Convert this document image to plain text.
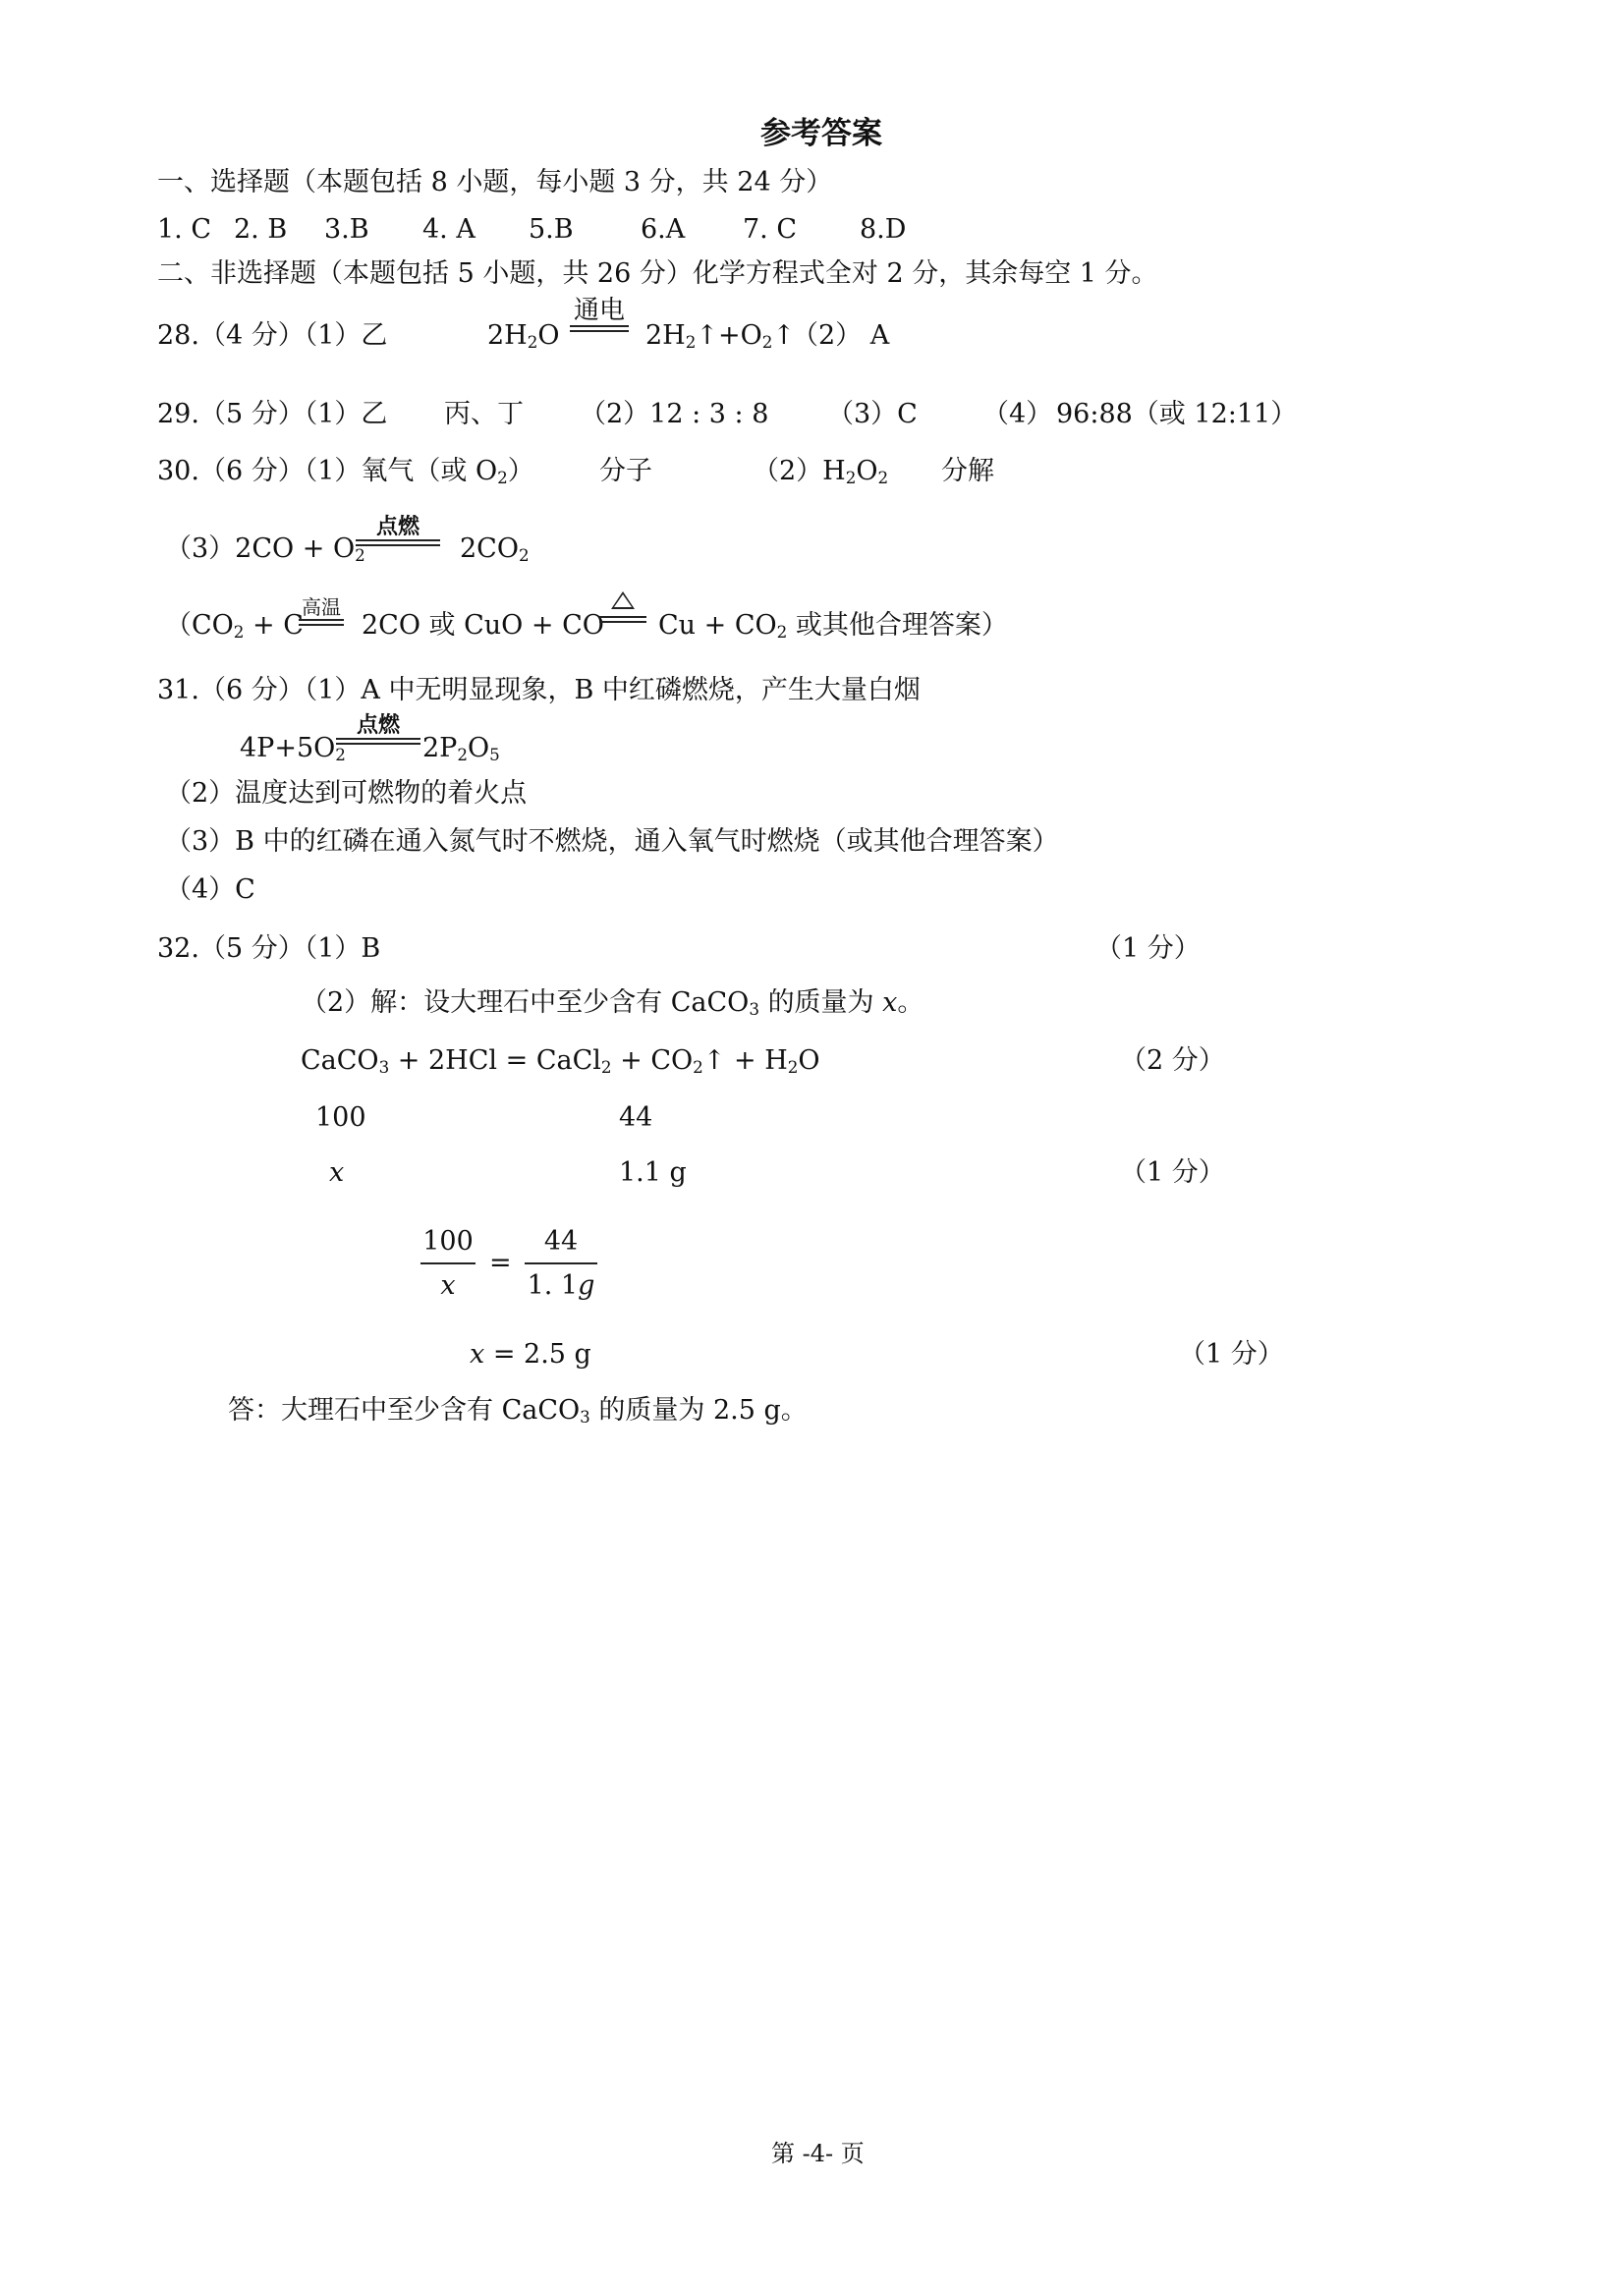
参考答案
一、选择题（本题包括 8 小题，每小题 3 分，共 24 分）
1. C 2. B 3.B 4. A 5.B	6.A 7. C 8.D
二、非选择题（本题包括 5 小题，共 26 分）化学方程式全对 2 分，其余每空 1 分。
28.（4 分）（1）乙	$2H_2O$
通电
$2H_2↑+O_2↑$
（2） A
29.（5 分）（1）乙 丙、丁 （2）12 : 3 : 8 （3）C （4） 96:88（或 12:11）
30.（6 分）（1）氧气（或 $O_2$） 分子	$(2)H_2O_2$ 分解
$(3)2CO + O_2$
点燃
$2CO_2$
（$CO_2 + C$
高温
2CO 或 CuO + CO $Cu + CO_2$ 或其他合理答案）
31.（6 分）（1）A 中无明显现象，B 中红磷燃烧，产生大量白烟
$4P+5O_2$
点燃
$2P_2O_5$
（2）温度达到可燃物的着火点
（3）B 中的红磷在通入氮气时不燃烧，通入氧气时燃烧（或其他合理答案）
（4）C
32.（5 分）（1）B	（1 分）
（2）解：设大理石中至少含有 CaCO$_3$ 的质量为 x。
CaCO$_3$ + 2HCl = CaCl$_2$ + $CO_2↑ + H_2O$	（2 分）
100	44
x	1.1 g	（1 分）
$\frac{100}{x} = \frac{44}{1. 1g}$
x = 2.5 g	（1 分）
答：大理石中至少含有 CaCO$_3$ 的质量为 2.5 g。
第 -4- 页
